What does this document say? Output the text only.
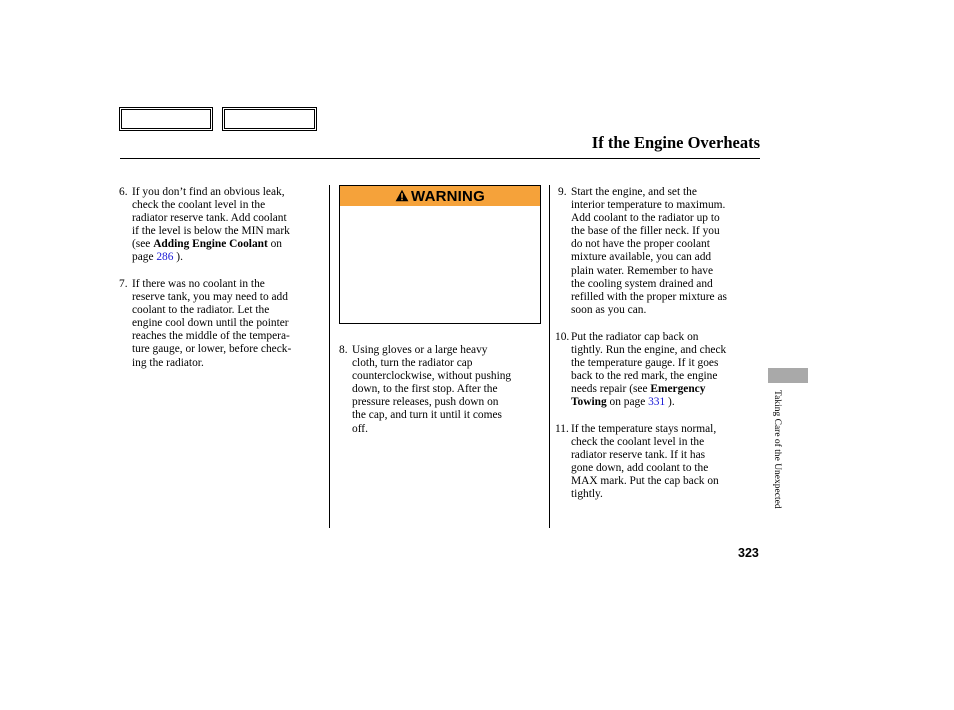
If the Engine Overheats
6. If you don’t find an obvious leak,
check the coolant level in the
radiator reserve tank. Add coolant
if the level is below the MIN mark
(see Adding Engine Coolant on
page 286 ).
7. If there was no coolant in the
reserve tank, you may need to add
coolant to the radiator. Let the
engine cool down until the pointer
reaches the middle of the tempera-
ture gauge, or lower, before check-
ing the radiator.
WARNING
8. Using gloves or a large heavy
cloth, turn the radiator cap
counterclockwise, without pushing
down, to the first stop. After the
pressure releases, push down on
the cap, and turn it until it comes
off.
9. Start the engine, and set the
interior temperature to maximum.
Add coolant to the radiator up to
the base of the filler neck. If you
do not have the proper coolant
mixture available, you can add
plain water. Remember to have
the cooling system drained and
refilled with the proper mixture as
soon as you can.
10. Put the radiator cap back on
tightly. Run the engine, and check
the temperature gauge. If it goes
back to the red mark, the engine
needs repair (see Emergency
Towing on page 331 ).
11. If the temperature stays normal,
check the coolant level in the
radiator reserve tank. If it has
gone down, add coolant to the
MAX mark. Put the cap back on
tightly.	Taking Care of the Unexpected
323
